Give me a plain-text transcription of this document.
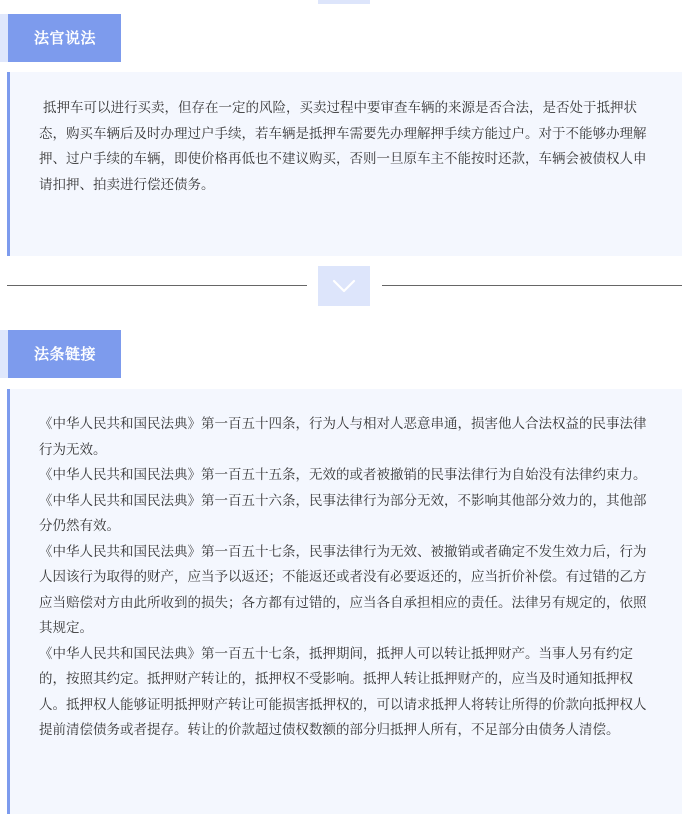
法官说法

抵押车可以进行买卖，但存在一定的风险，买卖过程中要审查车辆的来源是否合法，是否处于抵押状态，购买车辆后及时办理过户手续，若车辆是抵押车需要先办理解押手续方能过户。对于不能够办理解押、过户手续的车辆，即使价格再低也不建议购买，否则一旦原车主不能按时还款，车辆会被债权人申请扣押、拍卖进行偿还债务。

法条链接

《中华人民共和国民法典》第一百五十四条，行为人与相对人恶意串通，损害他人合法权益的民事法律行为无效。

《中华人民共和国民法典》第一百五十五条，无效的或者被撤销的民事法律行为自始没有法律约束力。

《中华人民共和国民法典》第一百五十六条，民事法律行为部分无效，不影响其他部分效力的，其他部分仍然有效。

《中华人民共和国民法典》第一百五十七条，民事法律行为无效、被撤销或者确定不发生效力后，行为人因该行为取得的财产，应当予以返还；不能返还或者没有必要返还的，应当折价补偿。有过错的乙方应当赔偿对方由此所收到的损失；各方都有过错的，应当各自承担相应的责任。法律另有规定的，依照其规定。

《中华人民共和国民法典》第一百五十七条，抵押期间，抵押人可以转让抵押财产。当事人另有约定的，按照其约定。抵押财产转让的，抵押权不受影响。抵押人转让抵押财产的，应当及时通知抵押权人。抵押权人能够证明抵押财产转让可能损害抵押权的，可以请求抵押人将转让所得的价款向抵押权人提前清偿债务或者提存。转让的价款超过债权数额的部分归抵押人所有，不足部分由债务人清偿。
